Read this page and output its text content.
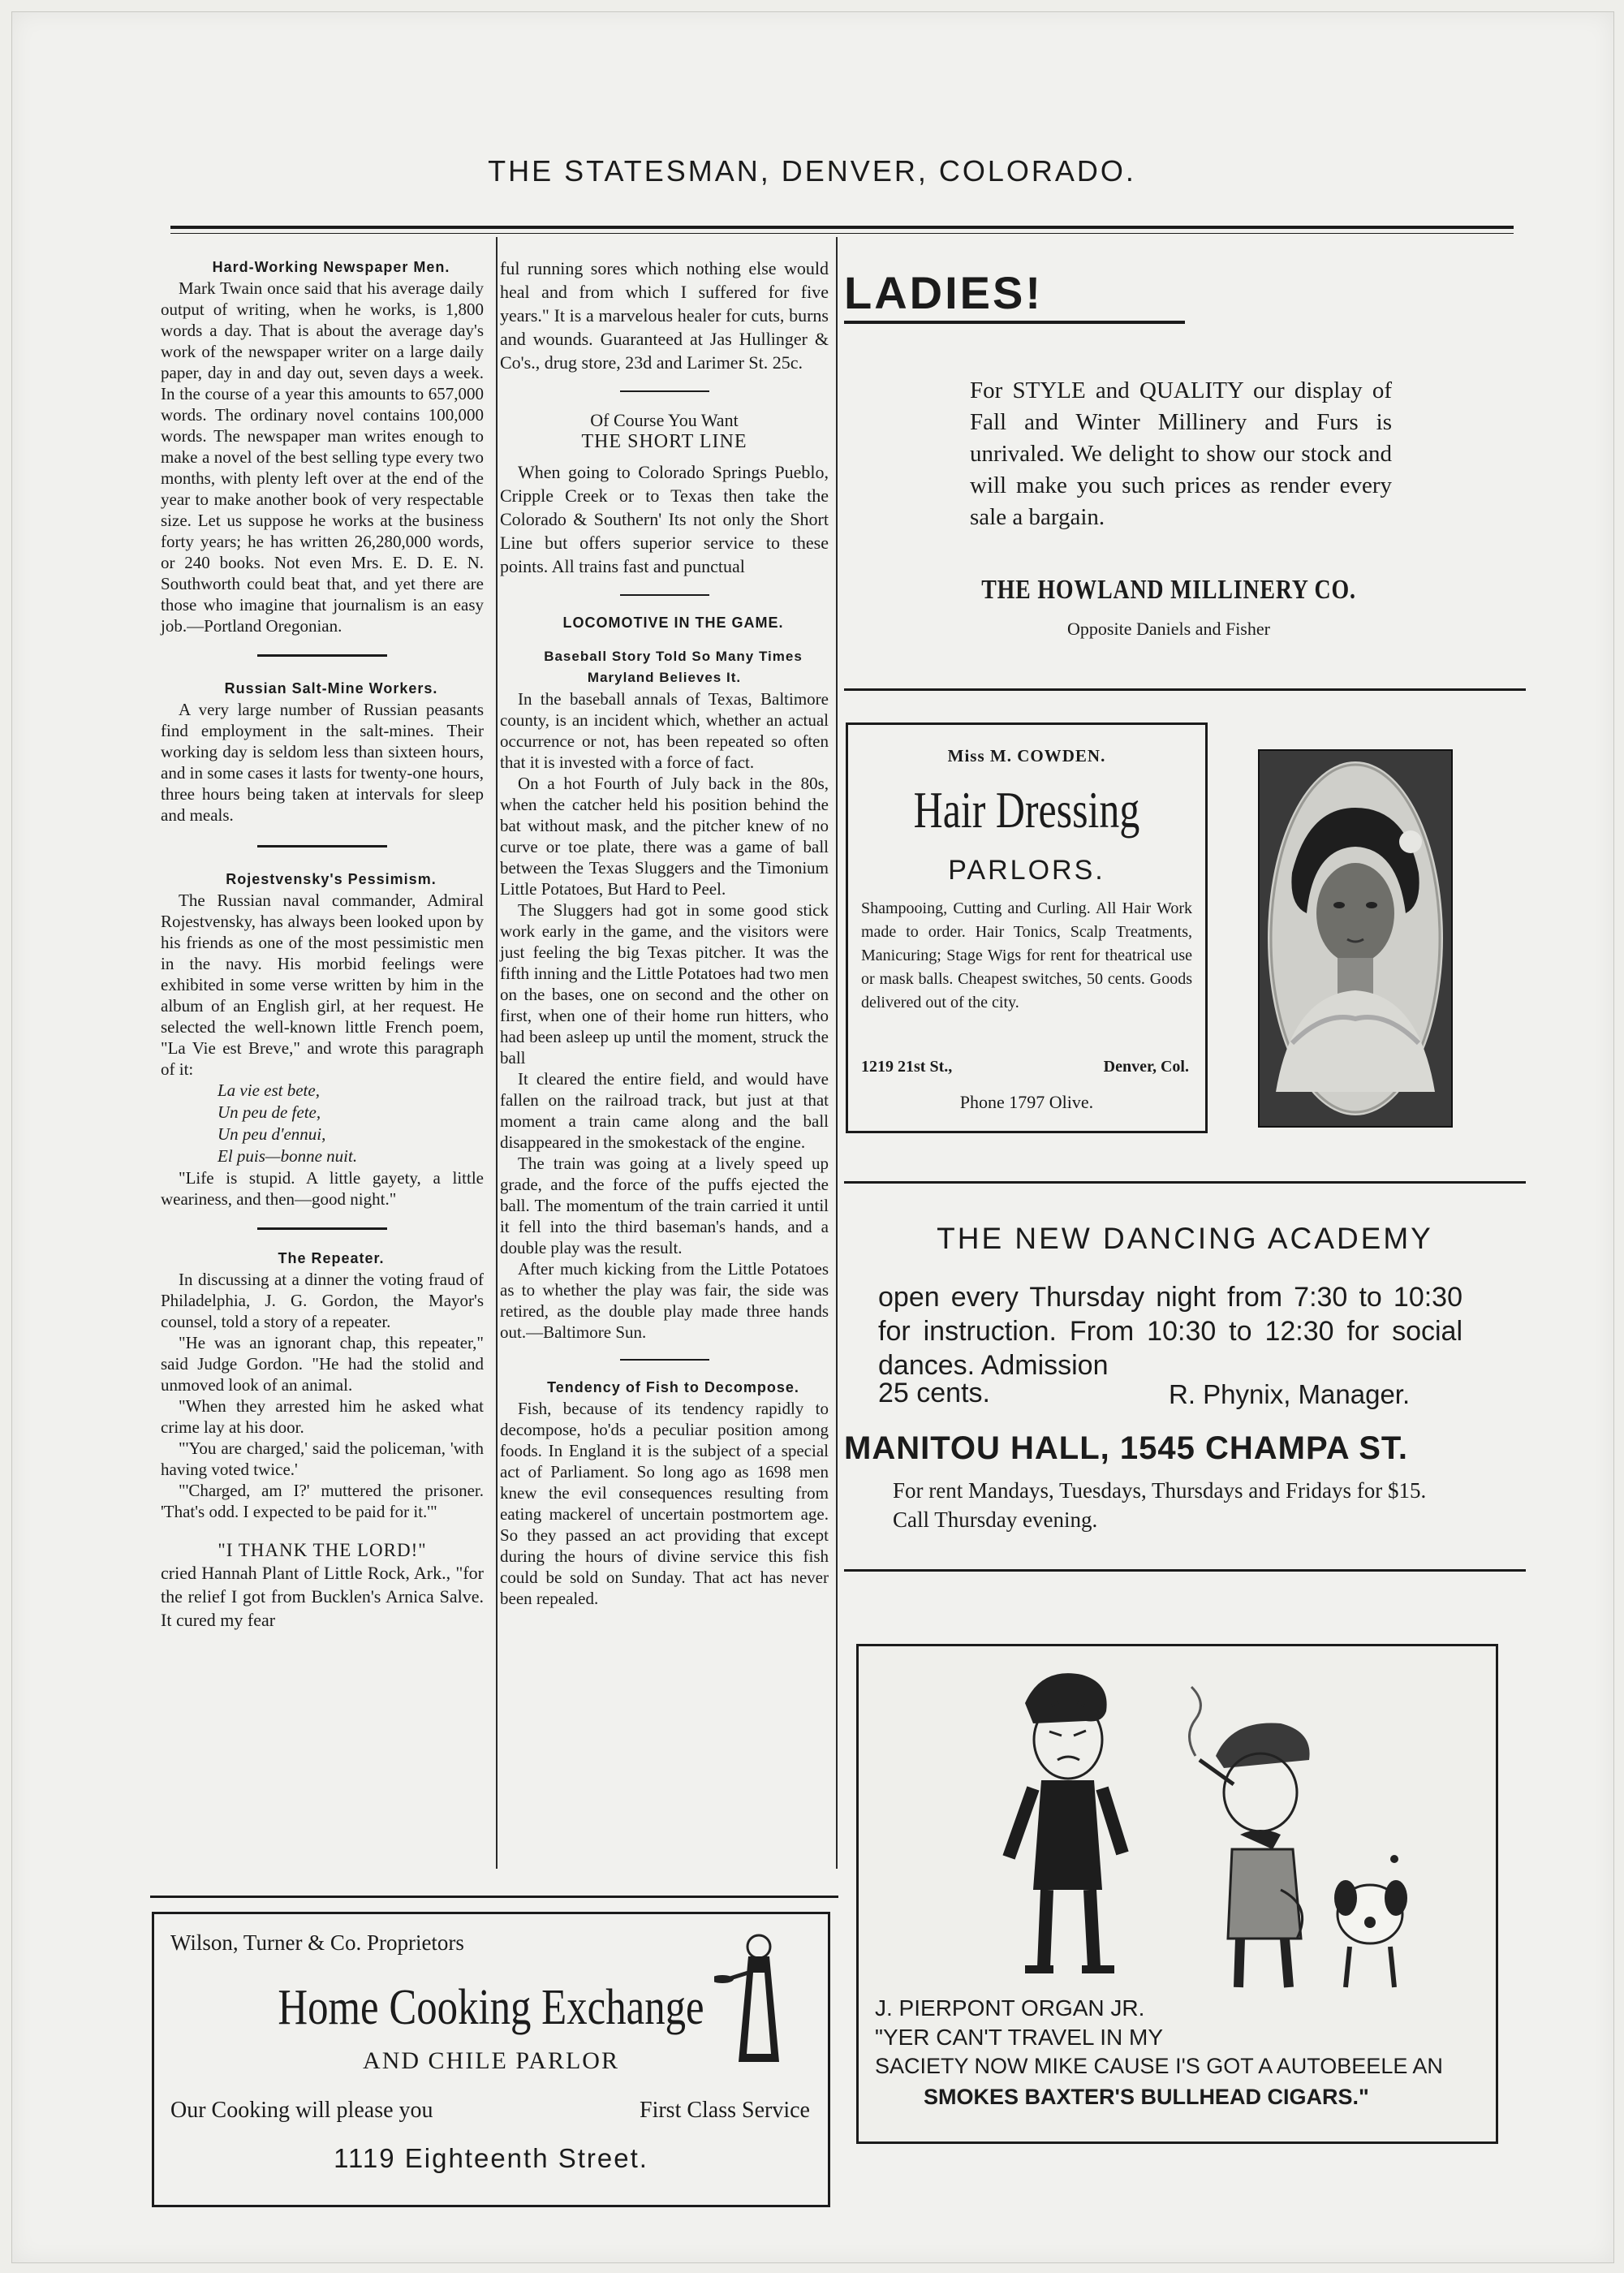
THE STATESMAN, DENVER, COLORADO.

Hard-Working Newspaper Men.

Mark Twain once said that his average daily output of writing, when he works, is 1,800 words a day. That is about the average day's work of the newspaper writer on a large daily paper, day in and day out, seven days a week. In the course of a year this amounts to 657,000 words. The ordinary novel contains 100,000 words. The newspaper man writes enough to make a novel of the best selling type every two months, with plenty left over at the end of the year to make another book of very respectable size. Let us suppose he works at the business forty years; he has written 26,280,000 words, or 240 books. Not even Mrs. E. D. E. N. Southworth could beat that, and yet there are those who imagine that journalism is an easy job.—Portland Oregonian.

Russian Salt-Mine Workers.

A very large number of Russian peasants find employment in the salt-mines. Their working day is seldom less than sixteen hours, and in some cases it lasts for twenty-one hours, three hours being taken at intervals for sleep and meals.

Rojestvensky's Pessimism.

The Russian naval commander, Admiral Rojestvensky, has always been looked upon by his friends as one of the most pessimistic men in the navy. His morbid feelings were exhibited in some verse written by him in the album of an English girl, at her request. He selected the well-known little French poem, "La Vie est Breve," and wrote this paragraph of it:

La vie est bete,
Un peu de fete,
Un peu d'ennui,
El puis—bonne nuit.

"Life is stupid. A little gayety, a little weariness, and then—good night."

The Repeater.

In discussing at a dinner the voting fraud of Philadelphia, J. G. Gordon, the Mayor's counsel, told a story of a repeater.

"He was an ignorant chap, this repeater," said Judge Gordon. "He had the stolid and unmoved look of an animal.

"When they arrested him he asked what crime lay at his door.

"'You are charged,' said the policeman, 'with having voted twice.'

"'Charged, am I?' muttered the prisoner. 'That's odd. I expected to be paid for it.'"

"I THANK THE LORD!"

cried Hannah Plant of Little Rock, Ark., "for the relief I got from Bucklen's Arnica Salve. It cured my fear

ful running sores which nothing else would heal and from which I suffered for five years." It is a marvelous healer for cuts, burns and wounds. Guaranteed at Jas Hullinger & Co's., drug store, 23d and Larimer St. 25c.

Of Course You Want

THE SHORT LINE

When going to Colorado Springs Pueblo, Cripple Creek or to Texas then take the Colorado & Southern' Its not only the Short Line but offers superior service to these points. All trains fast and punctual

LOCOMOTIVE IN THE GAME.

Baseball Story Told So Many Times Maryland Believes It.

In the baseball annals of Texas, Baltimore county, is an incident which, whether an actual occurrence or not, has been repeated so often that it is invested with a force of fact.

On a hot Fourth of July back in the 80s, when the catcher held his position behind the bat without mask, and the pitcher knew of no curve or toe plate, there was a game of ball between the Texas Sluggers and the Timonium Little Potatoes, But Hard to Peel.

The Sluggers had got in some good stick work early in the game, and the visitors were just feeling the big Texas pitcher. It was the fifth inning and the Little Potatoes had two men on the bases, one on second and the other on first, when one of their home run hitters, who had been asleep up until the moment, struck the ball

It cleared the entire field, and would have fallen on the railroad track, but just at that moment a train came along and the ball disappeared in the smokestack of the engine.

The train was going at a lively speed up grade, and the force of the puffs ejected the ball. The momentum of the train carried it until it fell into the third baseman's hands, and a double play was the result.

After much kicking from the Little Potatoes as to whether the play was fair, the side was retired, as the double play made three hands out.—Baltimore Sun.

Tendency of Fish to Decompose.

Fish, because of its tendency rapidly to decompose, ho'ds a peculiar position among foods. In England it is the subject of a special act of Parliament. So long ago as 1698 men knew the evil consequences resulting from eating mackerel of uncertain postmortem age. So they passed an act providing that except during the hours of divine service this fish could be sold on Sunday. That act has never been repealed.

LADIES!
For STYLE and QUALITY our display of Fall and Winter Millinery and Furs is unrivaled. We delight to show our stock and will make you such prices as render every sale a bargain.
THE HOWLAND MILLINERY CO.
Opposite Daniels and Fisher
Miss M. COWDEN.
Hair Dressing
PARLORS.
Shampooing, Cutting and Curling. All Hair Work made to order. Hair Tonics, Scalp Treatments, Manicuring; Stage Wigs for rent for theatrical use or mask balls. Cheapest switches, 50 cents. Goods delivered out of the city.
1219 21st St.,	Denver, Col.
Phone 1797 Olive.
THE NEW DANCING ACADEMY
open every Thursday night from 7:30 to 10:30 for instruction. From 10:30 to 12:30 for social dances. Admission
25 cents.	R. Phynix, Manager.
MANITOU HALL, 1545 CHAMPA ST.
For rent Mandays, Tuesdays, Thursdays and Fridays for $15. Call Thursday evening.
J. PIERPONT ORGAN JR.
"YER CAN'T TRAVEL IN MY
SACIETY NOW MIKE CAUSE I'S GOT A AUTOBEELE AN
SMOKES BAXTER'S BULLHEAD CIGARS."
Wilson, Turner & Co. Proprietors
Home Cooking Exchange
AND CHILE PARLOR
Our Cooking will please you	First Class Service
1119 Eighteenth Street.
